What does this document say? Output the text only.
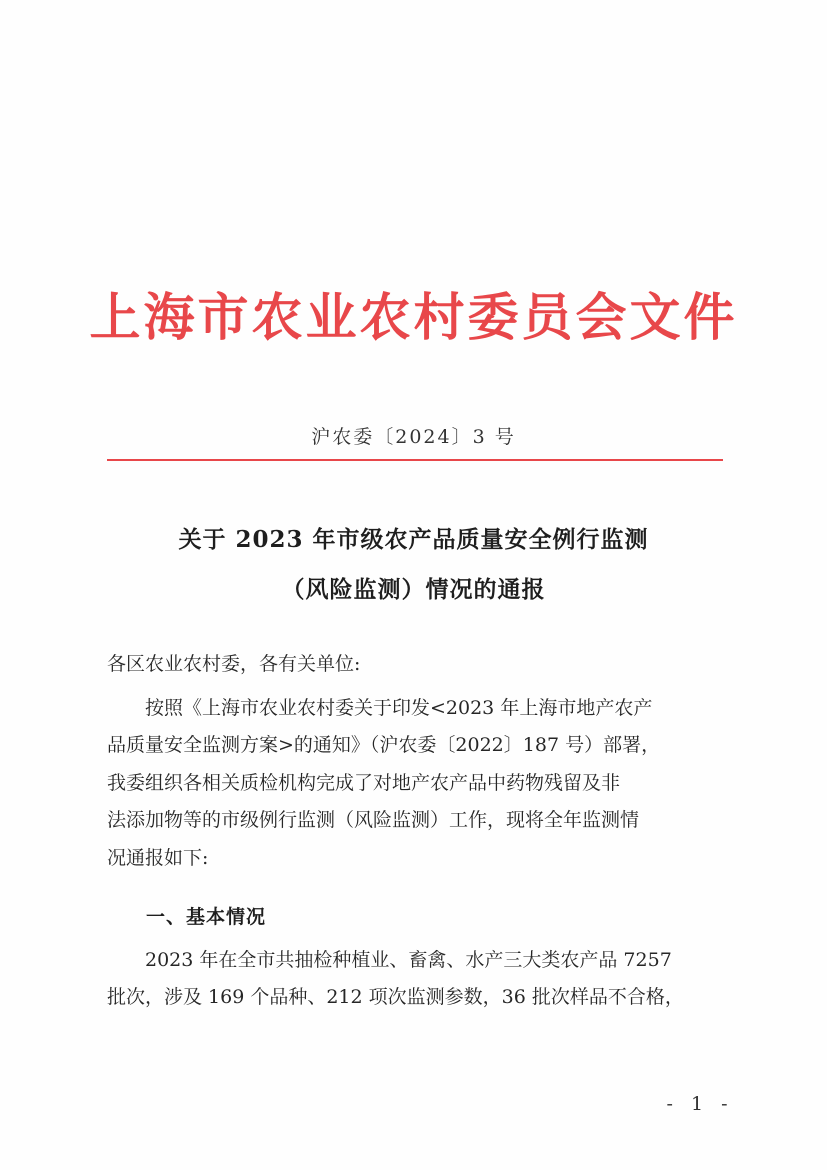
上海市农业农村委员会文件
沪农委〔2024〕3 号
关于 2023 年市级农产品质量安全例行监测
（风险监测）情况的通报
各区农业农村委，各有关单位:
　　按照《上海市农业农村委关于印发<2023 年上海市地产农产
品质量安全监测方案>的通知》（沪农委〔2022〕187 号）部署，
我委组织各相关质检机构完成了对地产农产品中药物残留及非
法添加物等的市级例行监测（风险监测）工作，现将全年监测情
况通报如下:
一、基本情况
　　2023 年在全市共抽检种植业、畜禽、水产三大类农产品 7257
批次，涉及 169 个品种、212 项次监测参数，36 批次样品不合格，
- 1 -
